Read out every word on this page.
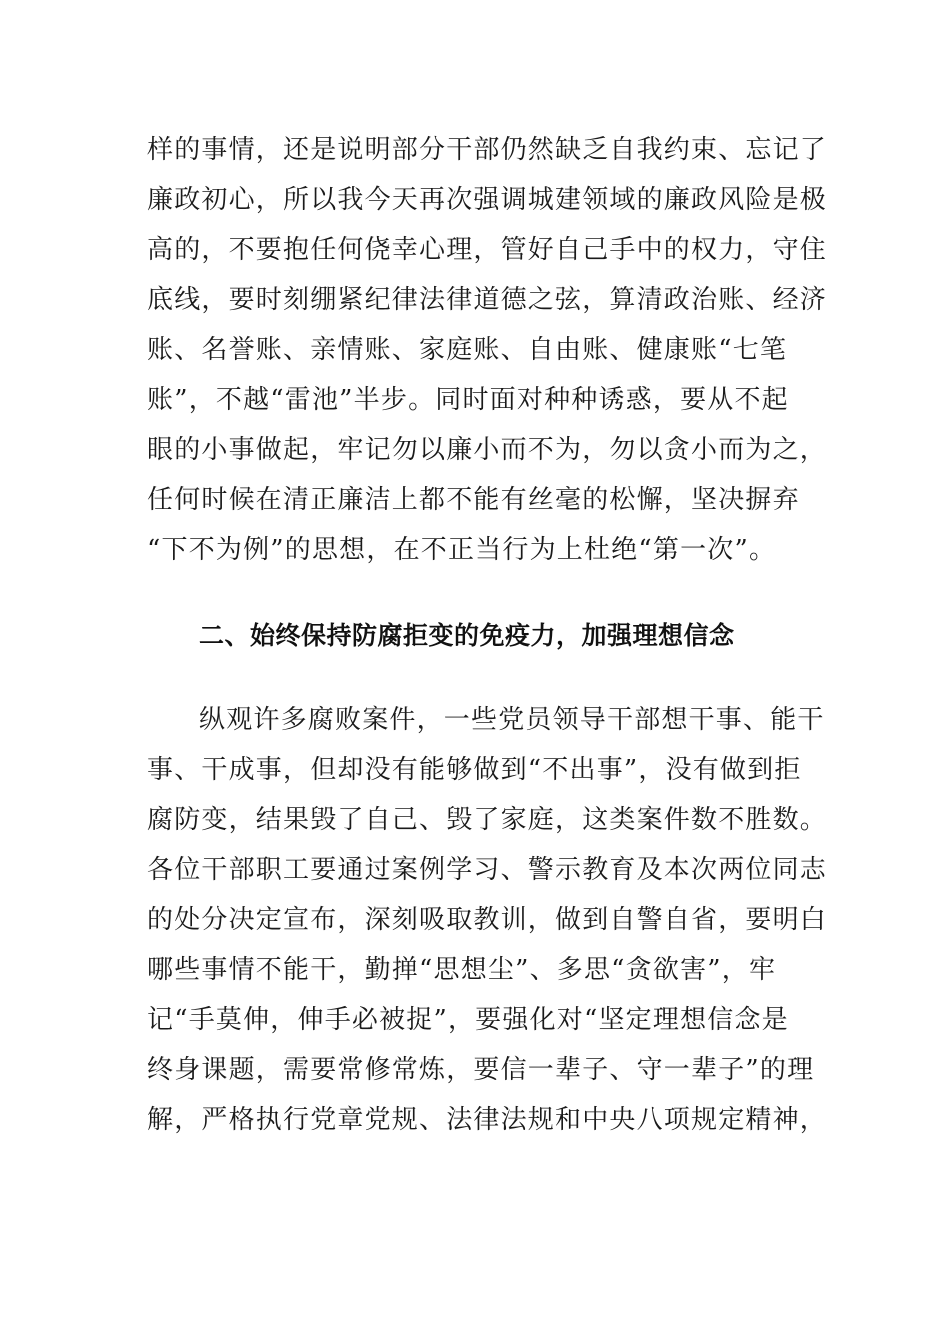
样的事情，还是说明部分干部仍然缺乏自我约束、忘记了
廉政初心，所以我今天再次强调城建领域的廉政风险是极
高的，不要抱任何侥幸心理，管好自己手中的权力，守住
底线，要时刻绷紧纪律法律道德之弦，算清政治账、经济
账、名誉账、亲情账、家庭账、自由账、健康账“七笔
账”，不越“雷池”半步。同时面对种种诱惑，要从不起
眼的小事做起，牢记勿以廉小而不为，勿以贪小而为之，
任何时候在清正廉洁上都不能有丝毫的松懈，坚决摒弃
“下不为例”的思想，在不正当行为上杜绝“第一次”。
二、始终保持防腐拒变的免疫力，加强理想信念
纵观许多腐败案件，一些党员领导干部想干事、能干
事、干成事，但却没有能够做到“不出事”，没有做到拒
腐防变，结果毁了自己、毁了家庭，这类案件数不胜数。
各位干部职工要通过案例学习、警示教育及本次两位同志
的处分决定宣布，深刻吸取教训，做到自警自省，要明白
哪些事情不能干，勤掸“思想尘”、多思“贪欲害”，牢
记“手莫伸，伸手必被捉”，要强化对“坚定理想信念是
终身课题，需要常修常炼，要信一辈子、守一辈子”的理
解，严格执行党章党规、法律法规和中央八项规定精神，
